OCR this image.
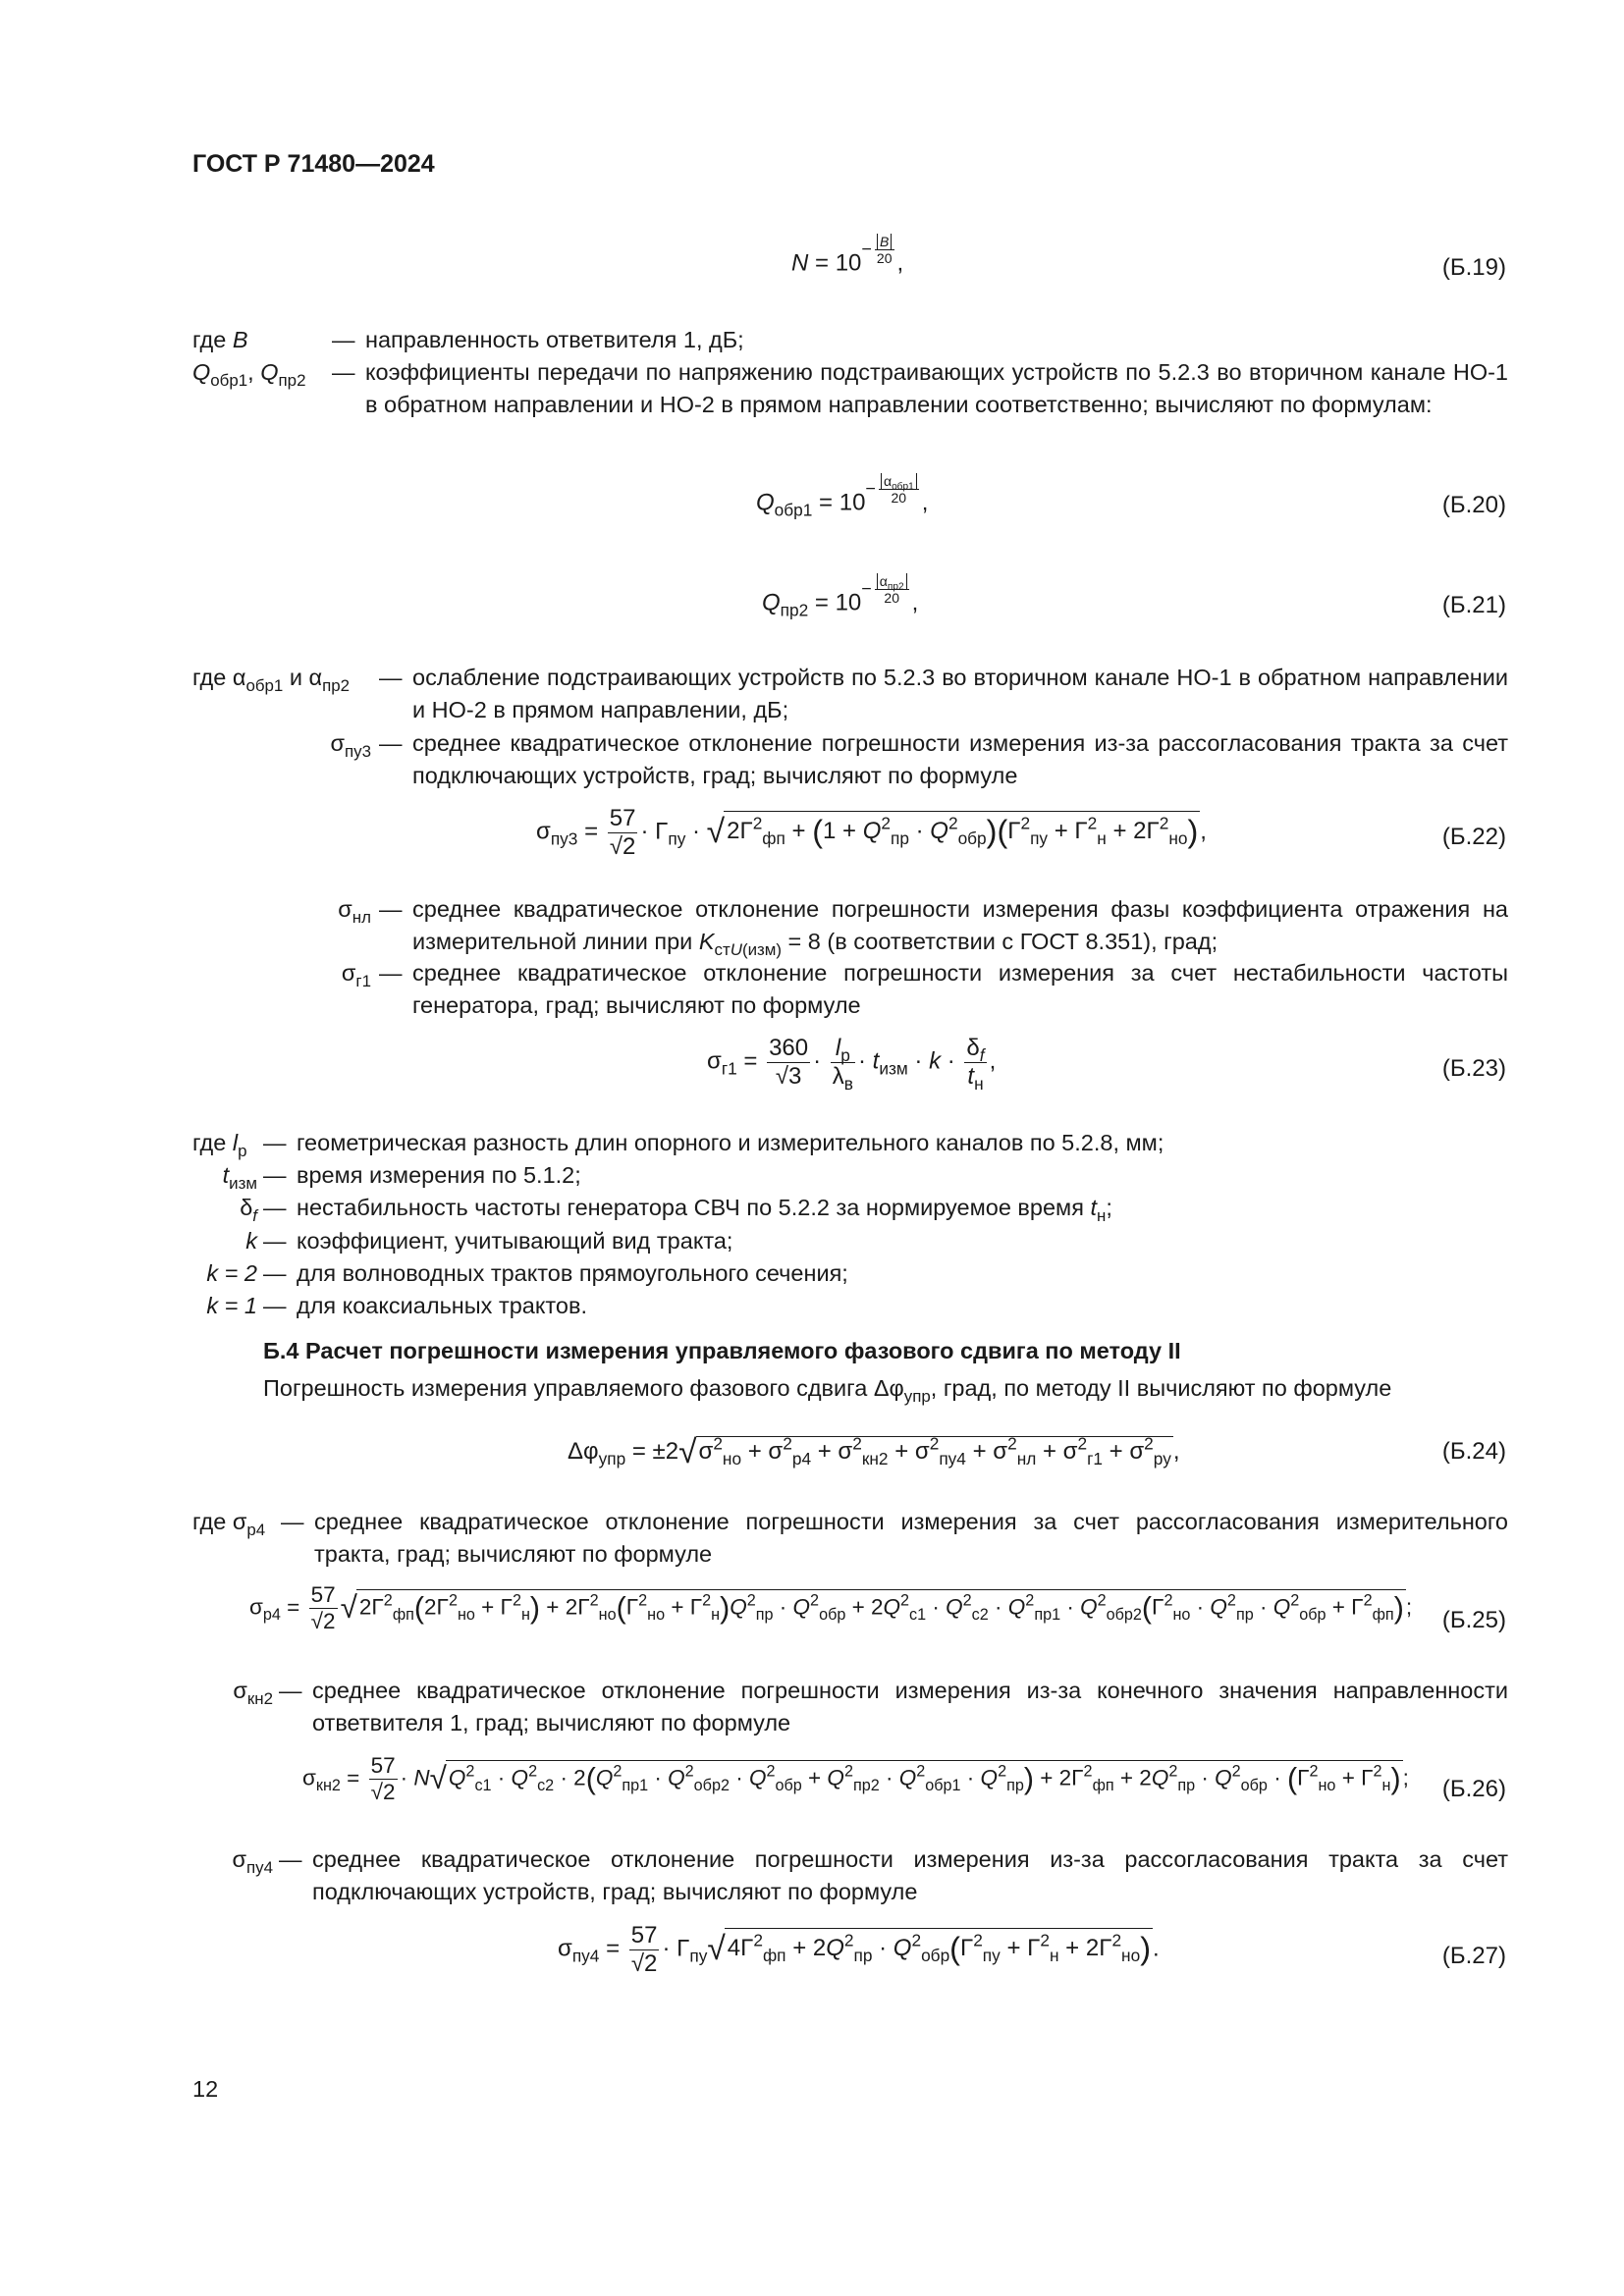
ГОСТ Р 71480—2024
$N = 10- \frac{B}{20}$ ,	(Б.19)
где B	— направленность ответвителя 1, дБ;
$Q_{обр1}$, $Q_{пр2}$ — коэффициенты передачи по напряжению подстраивающих устройств по 5.2.3 во вторичном канале НО-1 в обратном направлении и НО-2 в прямом направлении соответственно; вычисляют по формулам:
$Q_{обр1} = 10- \frac{\alpha_{обр1}}{20}$ ,	(Б.20)
$Q_{пр2} = 10- \frac{\alpha_{пр2}}{20}$ ,	(Б.21)
где $\alpha_{обр1}$ и $\alpha_{пр2}$ — ослабление подстраивающих устройств по 5.2.3 во вторичном канале НО-1 в обратном направлении и НО-2 в прямом направлении, дБ;
$\sigma_{пу3}$ — среднее квадратическое отклонение погрешности измерения из-за рассогласования тракта за счет подключающих устройств, град; вычисляют по формуле
$\sigma_{пу3} = \frac{57}{√2} \cdot \Gamma_{пу} \cdot √2\Gamma^2_{фп} + (1 + Q^2_{пр} \cdot Q^2_{обр})(\Gamma^2_{пу} + \Gamma^2_н + 2\Gamma^2_{но})$,	(Б.22)
$\sigma_{нл}$ — среднее квадратическое отклонение погрешности измерения фазы коэффициента отражения на измерительной линии при $K_{стU(изм)} = 8$ (в соответствии с ГОСТ 8.351), град;
$\sigma_{г1}$ — среднее квадратическое отклонение погрешности измерения за счет нестабильности частоты генератора, град; вычисляют по формуле
$\sigma_{г1} = \frac{360}{√3} \cdot \frac{l_р}{\lambda_в} \cdot t_{изм} \cdot k \cdot \frac{\delta_f}{t_н}$ ,	(Б.23)
где $l_р$ — геометрическая разность длин опорного и измерительного каналов по 5.2.8, мм;
$t_{изм}$ — время измерения по 5.1.2;
$\delta_f$ — нестабильность частоты генератора СВЧ по 5.2.2 за нормируемое время $t_н$;
k — коэффициент, учитывающий вид тракта;
k = 2 — для волноводных трактов прямоугольного сечения;
k = 1 — для коаксиальных трактов.
Б.4 Расчет погрешности измерения управляемого фазового сдвига по методу II
Погрешность измерения управляемого фазового сдвига $\Delta\varphi_{упр}$, град, по методу II вычисляют по формуле
$\Delta\varphi_{упр} = \pm 2√\sigma^2_{но} + \sigma^2_{р4} + \sigma^2_{кн2} + \sigma^2_{пу4} + \sigma^2_{нл} + \sigma^2_{г1} + \sigma^2_{ру}$,	(Б.24)
где $\sigma_{р4}$ — среднее квадратическое отклонение погрешности измерения за счет рассогласования измерительного тракта, град; вычисляют по формуле
$\sigma_{р4} = \frac{57}{√2} √2\Gamma^2_{фп}(2\Gamma^2_{но} + \Gamma^2_н) + 2\Gamma^2_{но}(\Gamma^2_{но} + \Gamma^2_н)Q^2_{пр} \cdot Q^2_{обр} + 2Q^2_{с1} \cdot Q^2_{с2} \cdot Q^2_{пр1} \cdot Q^2_{обр2}(\Gamma^2_{но} \cdot Q^2_{пр} \cdot Q^2_{обр} + \Gamma^2_{фп})$;
(Б.25)
$\sigma_{кн2}$ — среднее квадратическое отклонение погрешности измерения из-за конечного значения направленности ответвителя 1, град; вычисляют по формуле
$\sigma_{кн2} = \frac{57}{√2} \cdot N√Q^2_{с1} \cdot Q^2_{с2} \cdot 2(Q^2_{пр1} \cdot Q^2_{обр2} \cdot Q^2_{обр} + Q^2_{пр2} \cdot Q^2_{обр1} \cdot Q^2_{пр}) + 2\Gamma^2_{фп} + 2Q^2_{пр} \cdot Q^2_{обр} \cdot (\Gamma^2_{но} + \Gamma^2_н)$; (Б.26)
$\sigma_{пу4}$ — среднее квадратическое отклонение погрешности измерения из-за рассогласования тракта за счет подключающих устройств, град; вычисляют по формуле
$\sigma_{пу4} = \frac{57}{√2} \cdot \Gamma_{пу}√4\Gamma^2_{фп} + 2Q^2_{пр} \cdot Q^2_{обр}(\Gamma^2_{пу} + \Gamma^2_н + 2\Gamma^2_{но})$.	(Б.27)
12
